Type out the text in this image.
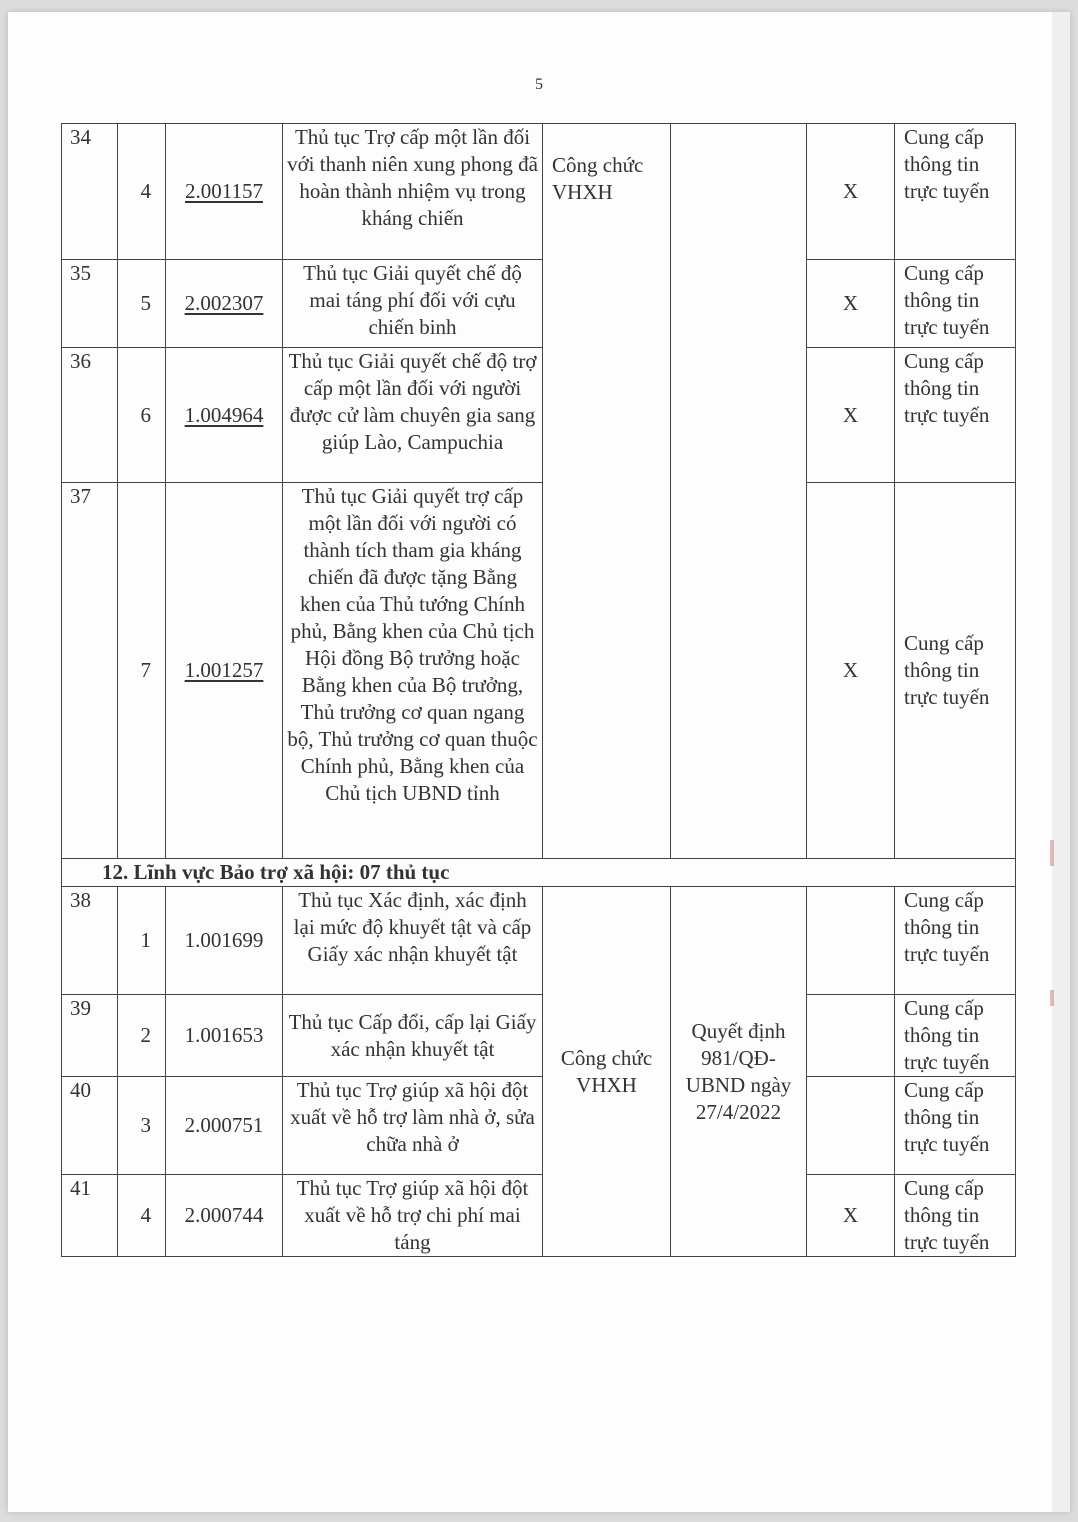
5
34	4	2.001157	Thủ tục Trợ cấp một lần đối với thanh niên xung phong đã hoàn thành nhiệm vụ trong kháng chiến	Công chức VHXH		X	Cung cấp thông tin trực tuyến
35	5	2.002307	Thủ tục Giải quyết chế độ mai táng phí đối với cựu chiến binh			X	Cung cấp thông tin trực tuyến
36	6	1.004964	Thủ tục Giải quyết chế độ trợ cấp một lần đối với người được cử làm chuyên gia sang giúp Lào, Campuchia			X	Cung cấp thông tin trực tuyến
37	7	1.001257	Thủ tục Giải quyết trợ cấp một lần đối với người có thành tích tham gia kháng chiến đã được tặng Bằng khen của Thủ tướng Chính phủ, Bằng khen của Chủ tịch Hội đồng Bộ trưởng hoặc Bằng khen của Bộ trưởng, Thủ trưởng cơ quan ngang bộ, Thủ trưởng cơ quan thuộc Chính phủ, Bằng khen của Chủ tịch UBND tỉnh			X	Cung cấp thông tin trực tuyến
12. Lĩnh vực Bảo trợ xã hội: 07 thủ tục							
38	1	1.001699	Thủ tục Xác định, xác định lại mức độ khuyết tật và cấp Giấy xác nhận khuyết tật	Công chức VHXH	Quyết định 981/QĐ-UBND ngày 27/4/2022		Cung cấp thông tin trực tuyến
39	2	1.001653	Thủ tục Cấp đổi, cấp lại Giấy xác nhận khuyết tật				Cung cấp thông tin trực tuyến
40	3	2.000751	Thủ tục Trợ giúp xã hội đột xuất về hỗ trợ làm nhà ở, sửa chữa nhà ở				Cung cấp thông tin trực tuyến
41	4	2.000744	Thủ tục Trợ giúp xã hội đột xuất về hỗ trợ chi phí mai táng			X	Cung cấp thông tin trực tuyến
